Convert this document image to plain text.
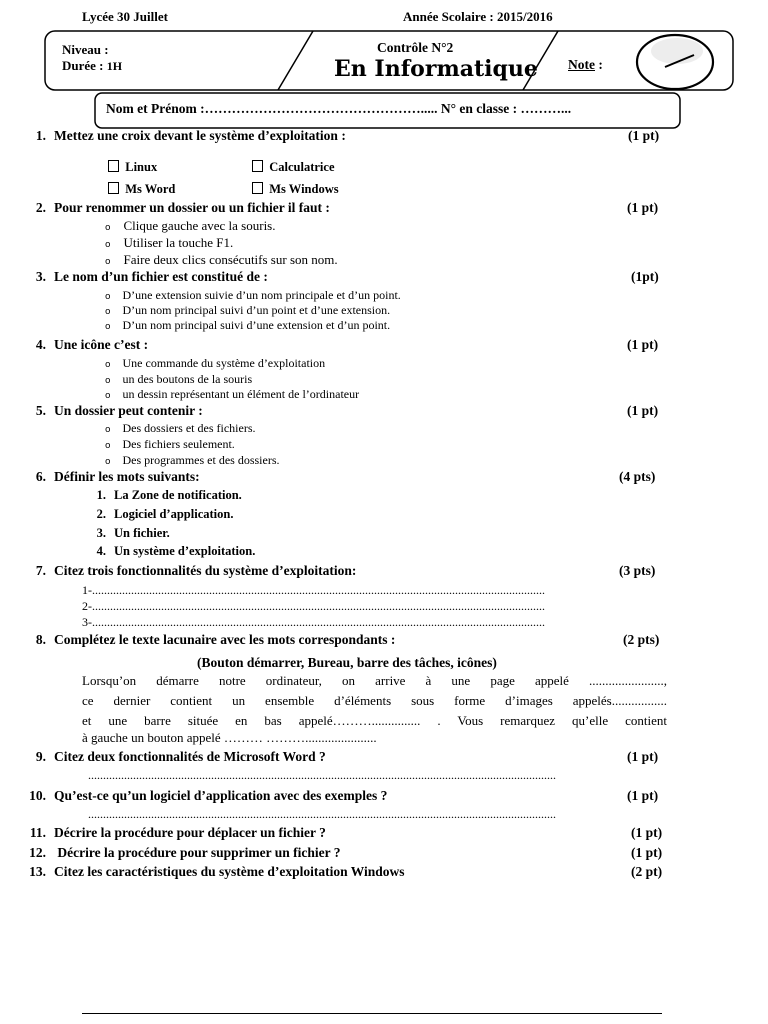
Lycée 30 Juillet	Année Scolaire : 2015/2016
Niveau :
Durée : 1H
Contrôle N°2
En Informatique Note :
Nom et Prénom :…………………………………………..... N° en classe : ………...
1. Mettez une croix devant le système d’exploitation :	(1 pt)
Linux	Calculatrice
Ms Word	Ms Windows
2. Pour renommer un dossier ou un fichier il faut :	(1 pt)
o Clique gauche avec la souris.
o Utiliser la touche F1.
o Faire deux clics consécutifs sur son nom.
3. Le nom d’un fichier est constitué de :	(1pt)
o D’une extension suivie d’un nom principale et d’un point.
o D’un nom principal suivi d’un point et d’une extension.
o D’un nom principal suivi d’une extension et d’un point.
4. Une icône c’est :	(1 pt)
o Une commande du système d’exploitation
o un des boutons de la souris
o un dessin représentant un élément de l’ordinateur
5. Un dossier peut contenir :	(1 pt)
o Des dossiers et des fichiers.
o Des fichiers seulement.
o Des programmes et des dossiers.
6. Définir les mots suivants:	(4 pts)
1. La Zone de notification.
2. Logiciel d’application.
3. Un fichier.
4. Un système d’exploitation.
7. Citez trois fonctionnalités du système d’exploitation:	(3 pts)
1-.......................................................................................................................................................
2-.......................................................................................................................................................
3-.......................................................................................................................................................
8. Complétez le texte lacunaire avec les mots correspondants :	(2 pts)
(Bouton démarrer, Bureau, barre des tâches, icônes)
Lorsqu’on démarre notre ordinateur, on arrive à une page appelé .......................,
ce dernier contient un ensemble d’éléments sous forme d’images appelés.................
et une barre située en bas appelé………............... . Vous remarquez qu’elle contient
à gauche un bouton appelé ……… ………......................
9. Citez deux fonctionnalités de Microsoft Word ?	(1 pt)
............................................................................................................................................................
10. Qu’est-ce qu’un logiciel d’application avec des exemples ?	(1 pt)
............................................................................................................................................................
11. Décrire la procédure pour déplacer un fichier ?	(1 pt)
12. Décrire la procédure pour supprimer un fichier ?	(1 pt)
13. Citez les caractéristiques du système d’exploitation Windows	(2 pt)
